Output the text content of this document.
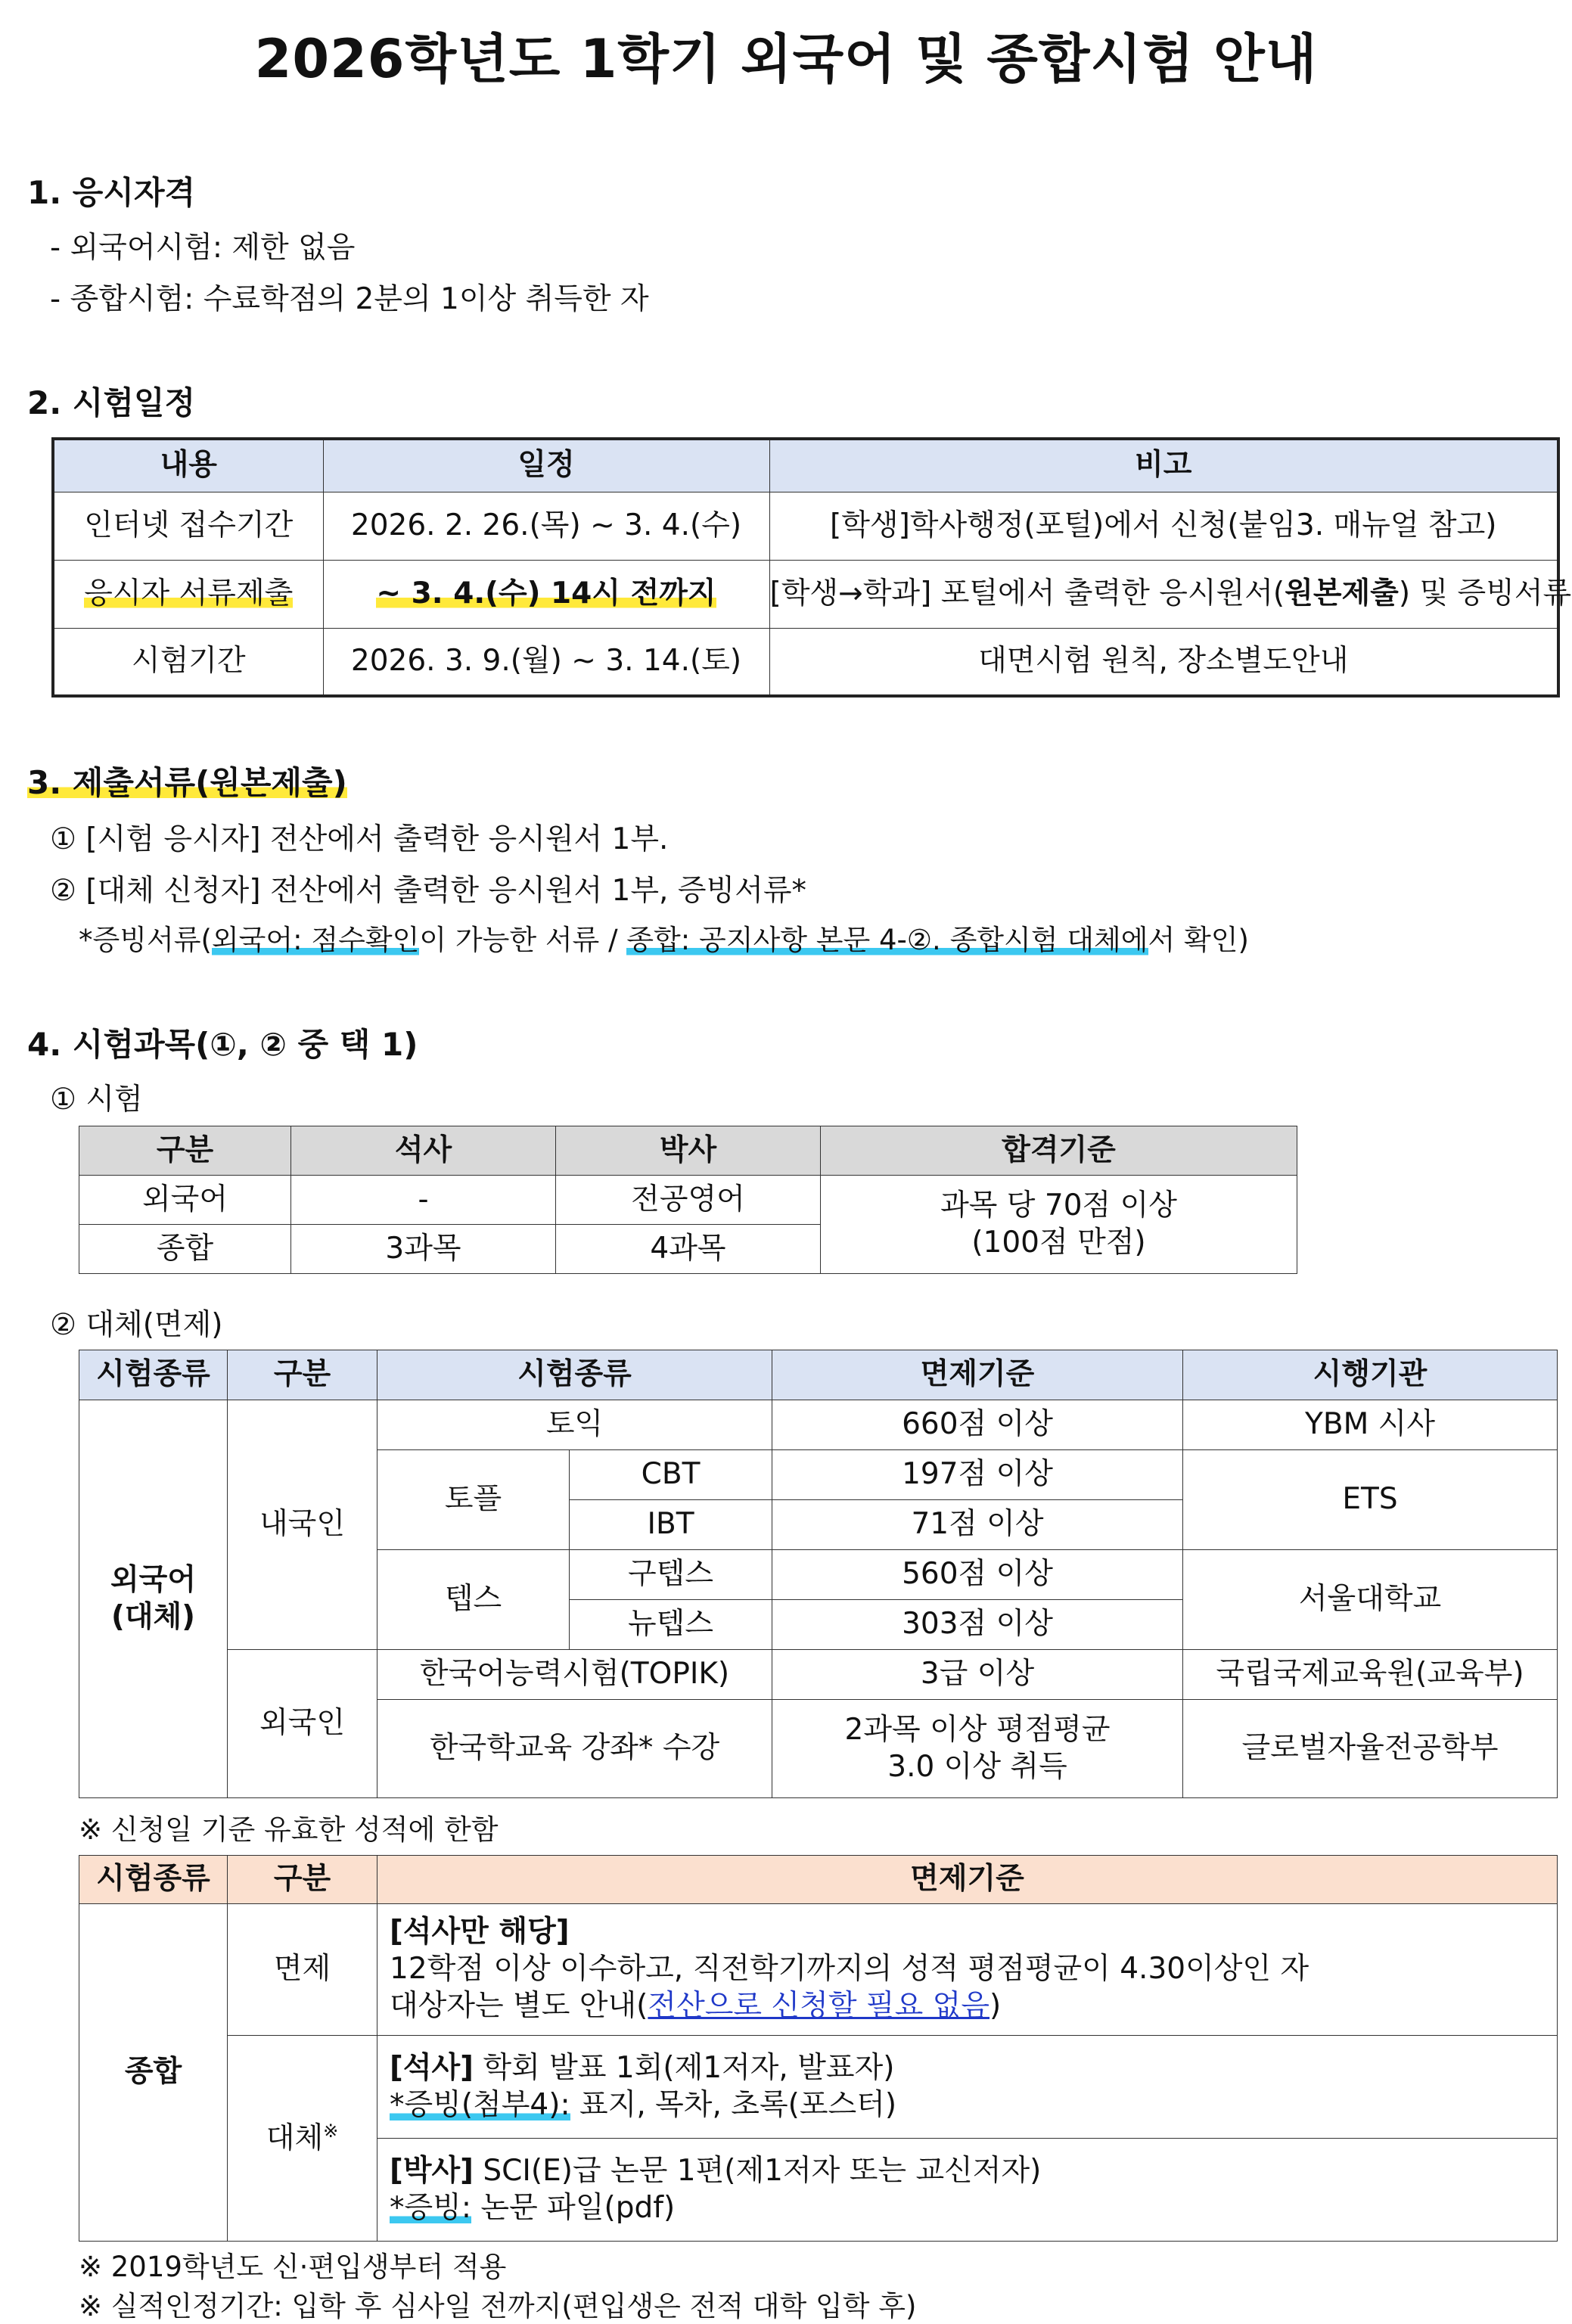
2026학년도 1학기 외국어 및 종합시험 안내
1. 응시자격
- 외국어시험: 제한 없음
- 종합시험: 수료학점의 2분의 1이상 취득한 자
2. 시험일정
내용	일정	비고
인터넷 접수기간	2026. 2. 26.(목) ~ 3. 4.(수)	[학생]학사행정(포털)에서 신청(붙임3. 매뉴얼 참고)
응시자 서류제출	~ 3. 4.(수) 14시 전까지	[학생→학과] 포털에서 출력한 응시원서(원본제출) 및 증빙서류
시험기간	2026. 3. 9.(월) ~ 3. 14.(토)	대면시험 원칙, 장소별도안내
3. 제출서류(원본제출)
① [시험 응시자] 전산에서 출력한 응시원서 1부.
② [대체 신청자] 전산에서 출력한 응시원서 1부, 증빙서류*
*증빙서류(외국어: 점수확인이 가능한 서류 / 종합: 공지사항 본문 4-②. 종합시험 대체에서 확인)
4. 시험과목(①, ② 중 택 1)
① 시험
구분	석사	박사	합격기준
외국어	-	전공영어	과목 당 70점 이상
(100점 만점)

종합	3과목	4과목	
② 대체(면제)
시험종류	구분	시험종류		면제기준	시행기관

외국어
(대체)	내국인	토익		660점 이상	YBM 시사
		토플	CBT	197점 이상	ETS
			IBT	71점 이상	
		텝스	구텝스	560점 이상	서울대학교
			뉴텝스	303점 이상	
	외국인	한국어능력시험(TOPIK)		3급 이상	국립국제교육원(교육부)
		한국학교육 강좌* 수강		2과목 이상 평점평균
3.0 이상 취득	글로벌자율전공학부
※ 신청일 기준 유효한 성적에 한함
시험종류	구분	면제기준
종합	면제	[석사만 해당]
12학점 이상 이수하고, 직전학기까지의 성적 평점평균이 4.30이상인 자
대상자는 별도 안내(전산으로 신청할 필요 없음)

	대체※	[석사] 학회 발표 1회(제1저자, 발표자)
*증빙(첨부4): 표지, 목차, 초록(포스터)

		[박사] SCI(E)급 논문 1편(제1저자 또는 교신저자)
*증빙: 논문 파일(pdf)
※ 2019학년도 신·편입생부터 적용
※ 실적인정기간: 입학 후 심사일 전까지(편입생은 전적 대학 입학 후)
